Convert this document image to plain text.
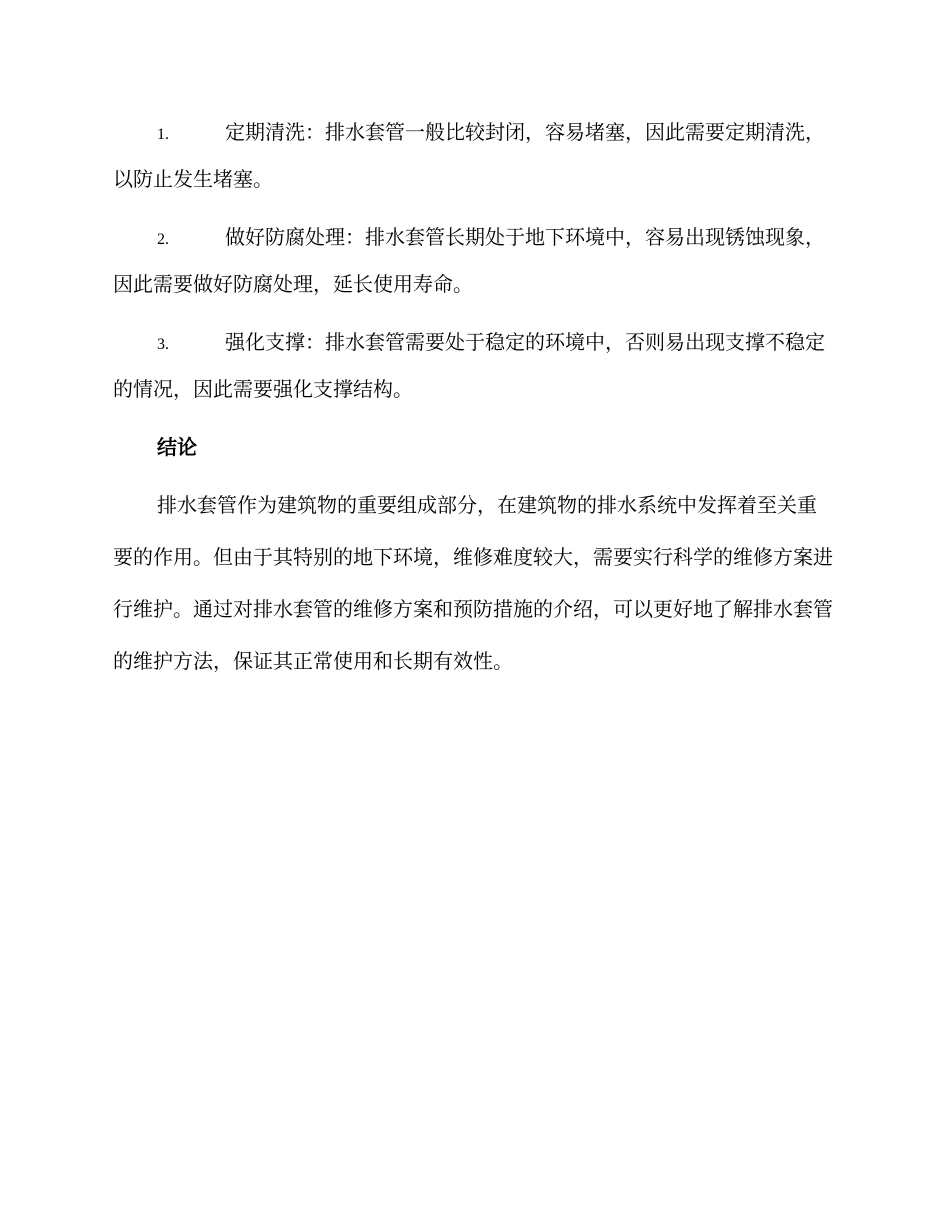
1.	定期清洗：排水套管一般比较封闭，容易堵塞，因此需要定期清洗，以防止发生堵塞。

2.	做好防腐处理：排水套管长期处于地下环境中，容易出现锈蚀现象，因此需要做好防腐处理，延长使用寿命。

3.	强化支撑：排水套管需要处于稳定的环境中，否则易出现支撑不稳定的情况，因此需要强化支撑结构。

结论

排水套管作为建筑物的重要组成部分，在建筑物的排水系统中发挥着至关重要的作用。但由于其特别的地下环境，维修难度较大，需要实行科学的维修方案进行维护。通过对排水套管的维修方案和预防措施的介绍，可以更好地了解排水套管的维护方法，保证其正常使用和长期有效性。
